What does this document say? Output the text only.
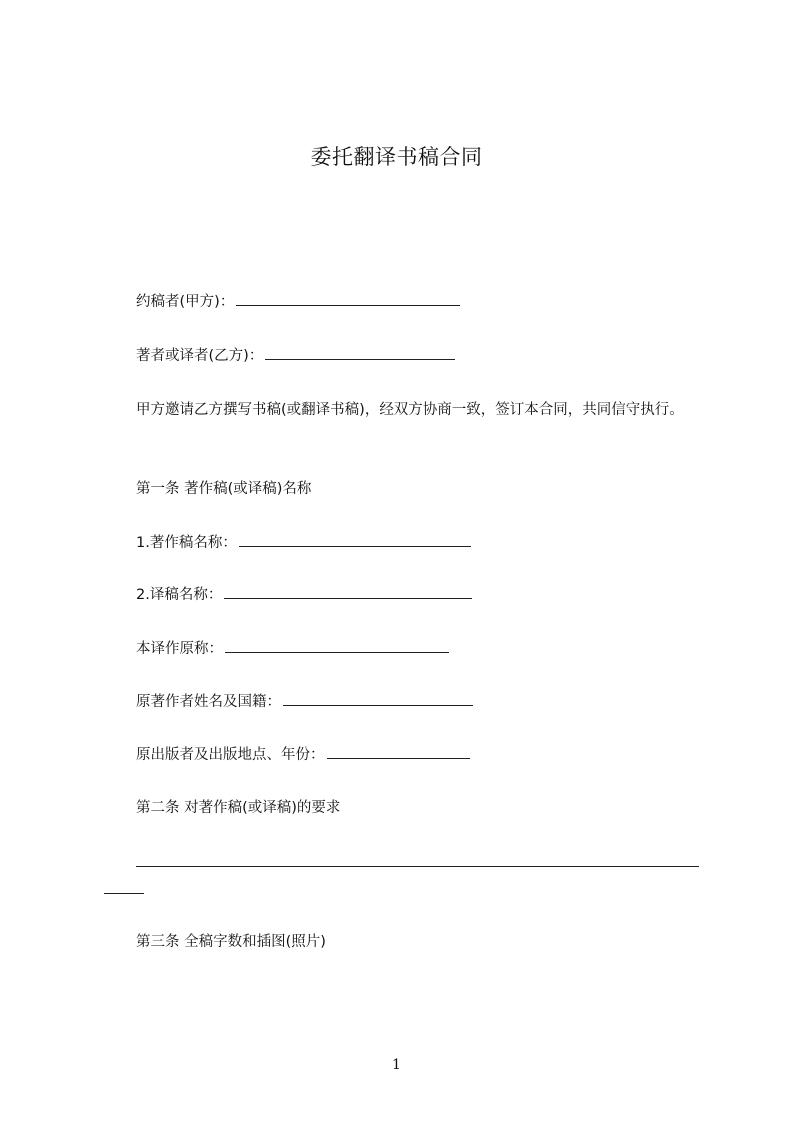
委托翻译书稿合同
约稿者(甲方)：
著者或译者(乙方)：
甲方邀请乙方撰写书稿(或翻译书稿)，经双方协商一致，签订本合同，共同信守执行。
第一条 著作稿(或译稿)名称
1.著作稿名称：
2.译稿名称：
本译作原称：
原著作者姓名及国籍：
原出版者及出版地点、年份：
第二条 对著作稿(或译稿)的要求
第三条 全稿字数和插图(照片)
1
